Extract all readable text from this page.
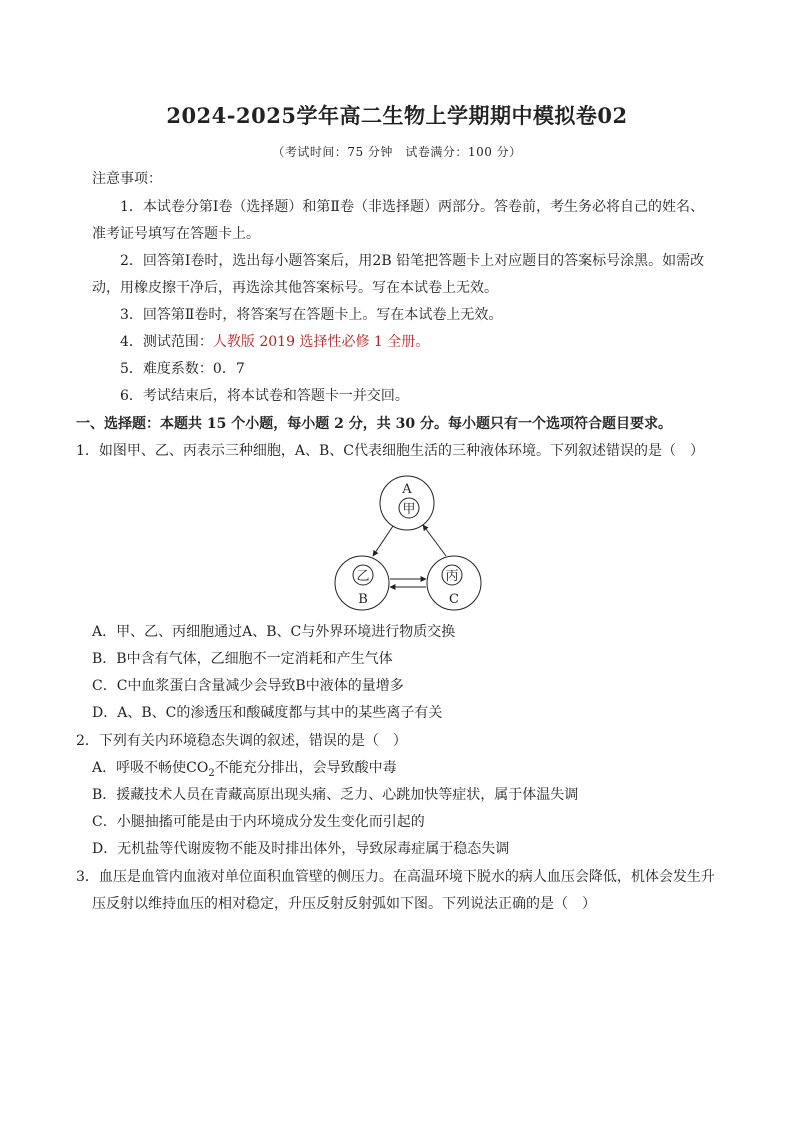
2024-2025学年高二生物上学期期中模拟卷02
（考试时间：75 分钟　试卷满分：100 分）
注意事项：
1．本试卷分第Ⅰ卷（选择题）和第Ⅱ卷（非选择题）两部分。答卷前，考生务必将自己的姓名、
准考证号填写在答题卡上。
2．回答第Ⅰ卷时，选出每小题答案后，用2B 铅笔把答题卡上对应题目的答案标号涂黑。如需改
动，用橡皮擦干净后，再选涂其他答案标号。写在本试卷上无效。
3．回答第Ⅱ卷时，将答案写在答题卡上。写在本试卷上无效。
4．测试范围：人教版 2019 选择性必修 1 全册。
5．难度系数：0．7
6．考试结束后，将本试卷和答题卡一并交回。
一、选择题：本题共 15 个小题，每小题 2 分，共 30 分。每小题只有一个选项符合题目要求。
1．如图甲、乙、丙表示三种细胞，A、B、C代表细胞生活的三种液体环境。下列叙述错误的是（　）
A
甲
乙
B
丙
C
A．甲、乙、丙细胞通过A、B、C与外界环境进行物质交换
B．B中含有气体，乙细胞不一定消耗和产生气体
C．C中血浆蛋白含量减少会导致B中液体的量增多
D．A、B、C的渗透压和酸碱度都与其中的某些离子有关
2．下列有关内环境稳态失调的叙述，错误的是（　）
A．呼吸不畅使$CO_2$不能充分排出，会导致酸中毒
B．援藏技术人员在青藏高原出现头痛、乏力、心跳加快等症状，属于体温失调
C．小腿抽搐可能是由于内环境成分发生变化而引起的
D．无机盐等代谢废物不能及时排出体外，导致尿毒症属于稳态失调
3．血压是血管内血液对单位面积血管壁的侧压力。在高温环境下脱水的病人血压会降低，机体会发生升
压反射以维持血压的相对稳定，升压反射反射弧如下图。下列说法正确的是（　）
